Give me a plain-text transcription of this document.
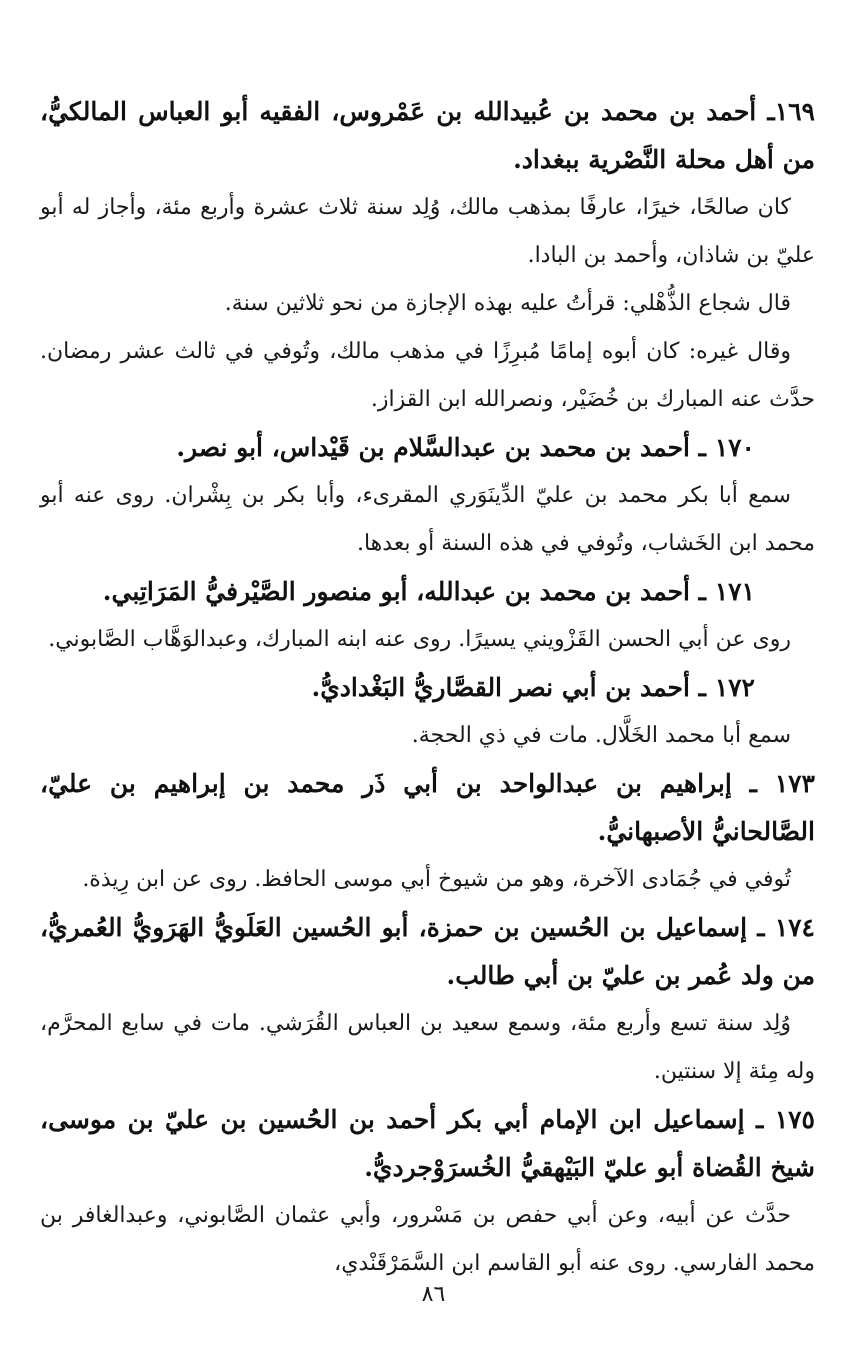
١٦٩ـ أحمد بن محمد بن عُبيدالله بن عَمْروس، الفقيه أبو العباس المالكيُّ، من أهل محلة النَّصْرية ببغداد.

كان صالحًا، خيرًا، عارفًا بمذهب مالك، وُلِد سنة ثلاث عشرة وأربع مئة، وأجاز له أبو عليّ بن شاذان، وأحمد بن البادا.

قال شجاع الذُّهْلي: قرأتُ عليه بهذه الإجازة من نحو ثلاثين سنة.

وقال غيره: كان أبوه إمامًا مُبرِزًا في مذهب مالك، وتُوفي في ثالث عشر رمضان. حدَّث عنه المبارك بن خُضَيْر، ونصرالله ابن القزاز.

١٧٠ ـ أحمد بن محمد بن عبدالسَّلام بن قَيْداس، أبو نصر.

سمع أبا بكر محمد بن عليّ الدِّينَوَري المقرىء، وأبا بكر بن بِشْران. روى عنه أبو محمد ابن الخَشاب، وتُوفي في هذه السنة أو بعدها.

١٧١ ـ أحمد بن محمد بن عبدالله، أبو منصور الصَّيْرفيُّ المَرَاتِبي.

روى عن أبي الحسن القَزْويني يسيرًا. روى عنه ابنه المبارك، وعبدالوَهَّاب الصَّابوني.

١٧٢ ـ أحمد بن أبي نصر القصَّاريُّ البَغْداديُّ.

سمع أبا محمد الخَلَّال. مات في ذي الحجة.

١٧٣ ـ إبراهيم بن عبدالواحد بن أبي ذَر محمد بن إبراهيم بن عليّ، الصَّالحانيُّ الأصبهانيُّ.

تُوفي في جُمَادى الآخرة، وهو من شيوخ أبي موسى الحافظ. روى عن ابن رِيذة.

١٧٤ ـ إسماعيل بن الحُسين بن حمزة، أبو الحُسين العَلَويُّ الهَرَويُّ العُمريُّ، من ولد عُمر بن عليّ بن أبي طالب.

وُلِد سنة تسع وأربع مئة، وسمع سعيد بن العباس القُرَشي. مات في سابع المحرَّم، وله مِئة إلا سنتين.

١٧٥ ـ إسماعيل ابن الإمام أبي بكر أحمد بن الحُسين بن عليّ بن موسى، شيخ القُضاة أبو عليّ البَيْهقيُّ الخُسرَوْجرديُّ.

حدَّث عن أبيه، وعن أبي حفص بن مَسْرور، وأبي عثمان الصَّابوني، وعبدالغافر بن محمد الفارسي. روى عنه أبو القاسم ابن السَّمَرْقَنْدي،

٨٦
